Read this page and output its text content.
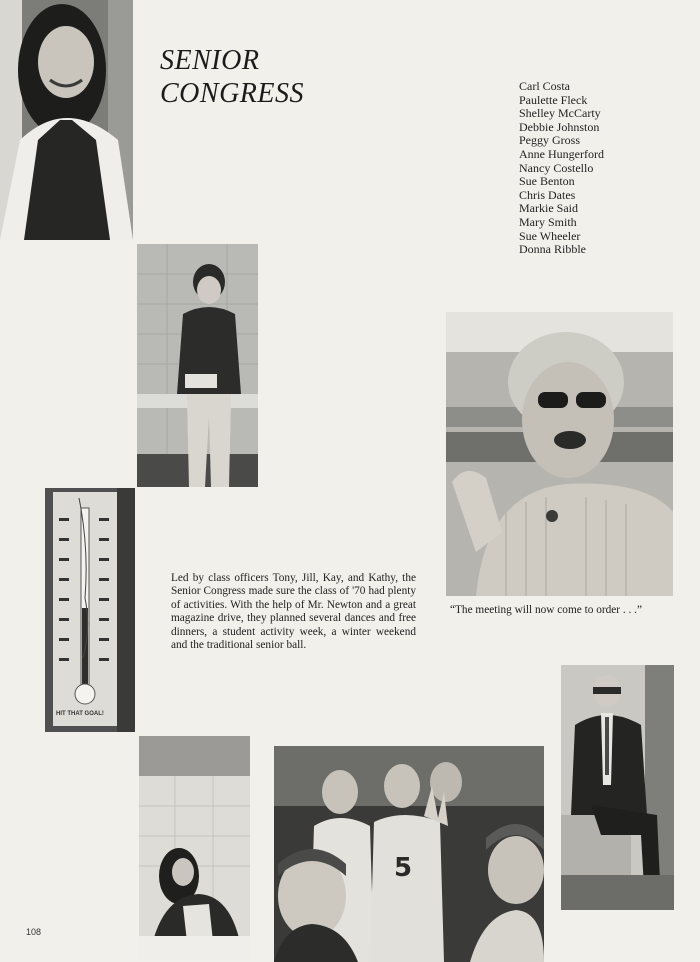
HIT THAT GOAL!
5
SENIOR
CONGRESS	Carl Costa
Paulette Fleck
Shelley McCarty
Debbie Johnston
Peggy Gross
Anne Hungerford
Nancy Costello
Sue Benton
Chris Dates
Markie Said
Mary Smith
Sue Wheeler
Donna Ribble

Led by class officers Tony, Jill, Kay, and Kathy, the Senior Congress made sure the class of '70 had plenty of activities. With the help of Mr. Newton and a great magazine drive, they planned several dances and free dinners, a student activity week, a winter weekend and the traditional senior ball.

“The meeting will now come to order . . .”

108
